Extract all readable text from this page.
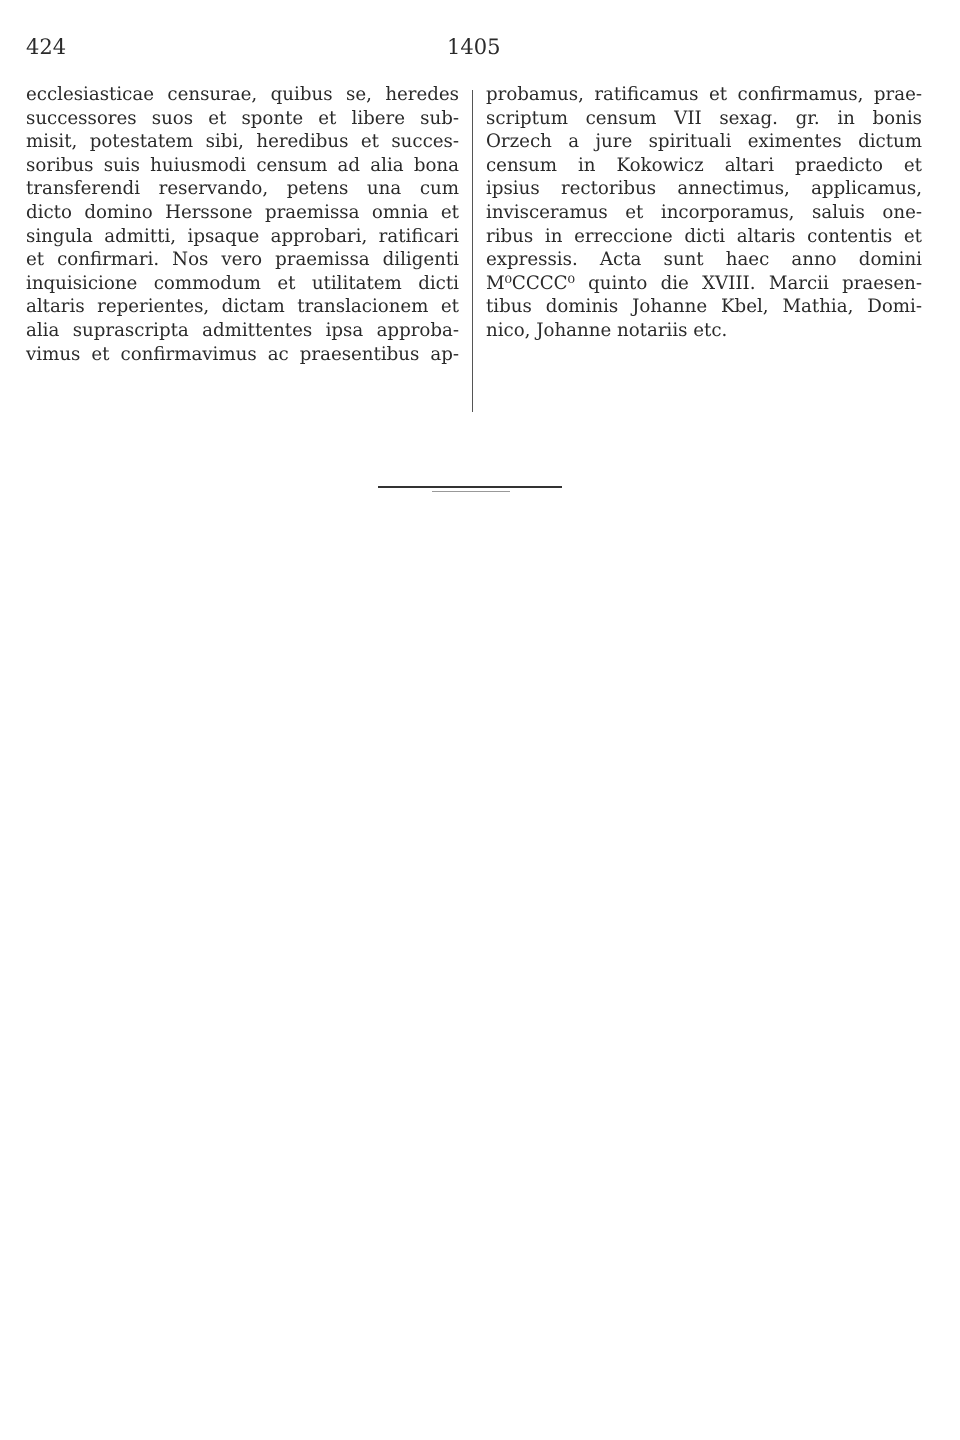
424	1405
ecclesiasticae censurae, quibus se, heredes
successores suos et sponte et libere sub-
misit, potestatem sibi, heredibus et succes-
soribus suis huiusmodi censum ad alia bona
transferendi reservando, petens una cum
dicto domino Herssone praemissa omnia et
singula admitti, ipsaque approbari, ratificari
et confirmari. Nos vero praemissa diligenti
inquisicione commodum et utilitatem dicti
altaris reperientes, dictam translacionem et
alia suprascripta admittentes ipsa approba-
vimus et confirmavimus ac praesentibus ap-
probamus, ratificamus et confirmamus, prae-
scriptum censum VII sexag. gr. in bonis
Orzech a jure spirituali eximentes dictum
censum in Kokowicz altari praedicto et
ipsius rectoribus annectimus, applicamus,
invisceramus et incorporamus, saluis one-
ribus in erreccione dicti altaris contentis et
expressis. Acta sunt haec anno domini
M⁰CCCC⁰ quinto die XVIII. Marcii praesen-
tibus dominis Johanne Kbel, Mathia, Domi-
nico, Johanne notariis etc.
